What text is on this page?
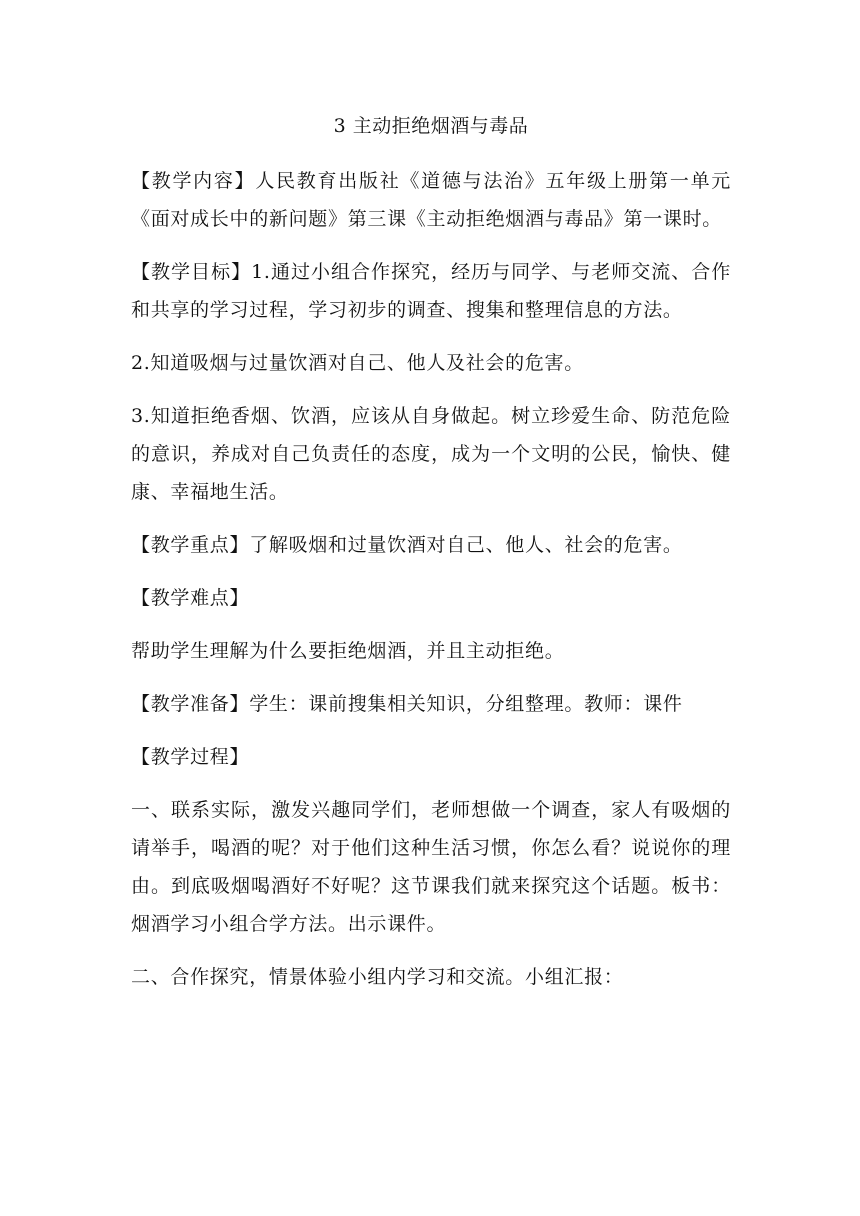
3 主动拒绝烟酒与毒品

【教学内容】人民教育出版社《道德与法治》五年级上册第一单元《面对成长中的新问题》第三课《主动拒绝烟酒与毒品》第一课时。

【教学目标】1.通过小组合作探究，经历与同学、与老师交流、合作和共享的学习过程，学习初步的调查、搜集和整理信息的方法。

2.知道吸烟与过量饮酒对自己、他人及社会的危害。

3.知道拒绝香烟、饮酒，应该从自身做起。树立珍爱生命、防范危险的意识，养成对自己负责任的态度，成为一个文明的公民，愉快、健康、幸福地生活。

【教学重点】了解吸烟和过量饮酒对自己、他人、社会的危害。

【教学难点】

帮助学生理解为什么要拒绝烟酒，并且主动拒绝。

【教学准备】学生：课前搜集相关知识，分组整理。教师：课件

【教学过程】

一、联系实际，激发兴趣同学们，老师想做一个调查，家人有吸烟的请举手，喝酒的呢？对于他们这种生活习惯，你怎么看？说说你的理由。到底吸烟喝酒好不好呢？这节课我们就来探究这个话题。板书：烟酒学习小组合学方法。出示课件。

二、合作探究，情景体验小组内学习和交流。小组汇报：
